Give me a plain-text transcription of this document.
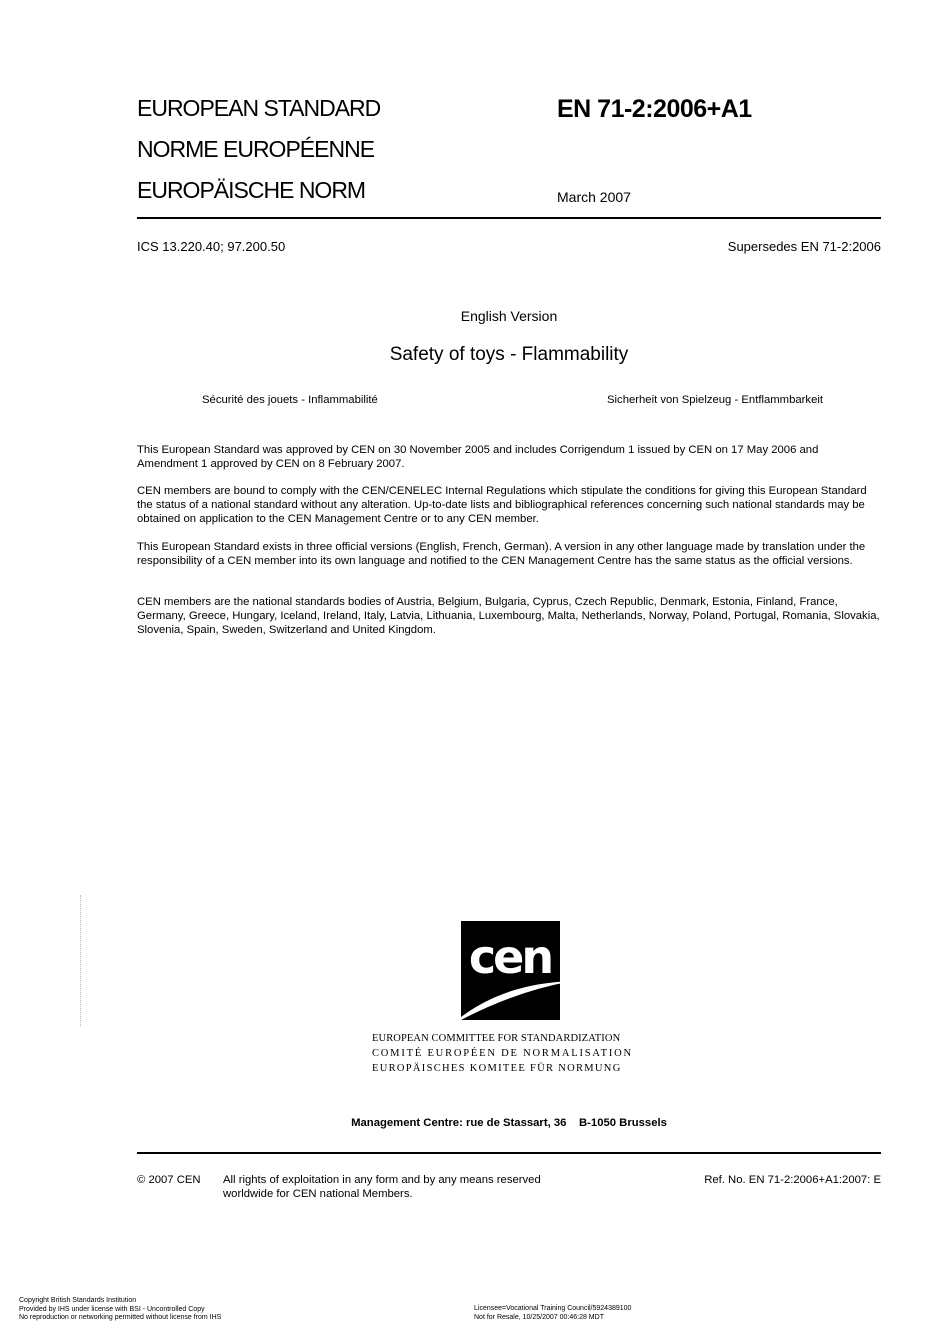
EUROPEAN STANDARD
NORME EUROPÉENNE
EUROPÄISCHE NORM
EN 71-2:2006+A1
March 2007
ICS 13.220.40; 97.200.50	Supersedes EN 71-2:2006
English Version
Safety of toys - Flammability
Sécurité des jouets - Inflammabilité	Sicherheit von Spielzeug - Entflammbarkeit

This European Standard was approved by CEN on 30 November 2005 and includes Corrigendum 1 issued by CEN on 17 May 2006 and Amendment 1 approved by CEN on 8 February 2007.

CEN members are bound to comply with the CEN/CENELEC Internal Regulations which stipulate the conditions for giving this European Standard the status of a national standard without any alteration. Up-to-date lists and bibliographical references concerning such national standards may be obtained on application to the CEN Management Centre or to any CEN member.

This European Standard exists in three official versions (English, French, German). A version in any other language made by translation under the responsibility of a CEN member into its own language and notified to the CEN Management Centre has the same status as the official versions.

CEN members are the national standards bodies of Austria, Belgium, Bulgaria, Cyprus, Czech Republic, Denmark, Estonia, Finland, France, Germany, Greece, Hungary, Iceland, Ireland, Italy, Latvia, Lithuania, Luxembourg, Malta, Netherlands, Norway, Poland, Portugal, Romania, Slovakia, Slovenia, Spain, Sweden, Switzerland and United Kingdom.

cen
EUROPEAN COMMITTEE FOR STANDARDIZATION
COMITÉ EUROPÉEN DE NORMALISATION
EUROPÄISCHES KOMITEE FÜR NORMUNG
Management Centre: rue de Stassart, 36    B-1050 Brussels
© 2007 CEN All rights of exploitation in any form and by any means reserved
worldwide for CEN national Members.
Ref. No. EN 71-2:2006+A1:2007: E
Copyright British Standards Institution
Provided by IHS under license with BSI - Uncontrolled Copy
No reproduction or networking permitted without license from IHS
Licensee=Vocational Training Council/5924389100
Not for Resale, 10/25/2007 00:46:28 MDT
